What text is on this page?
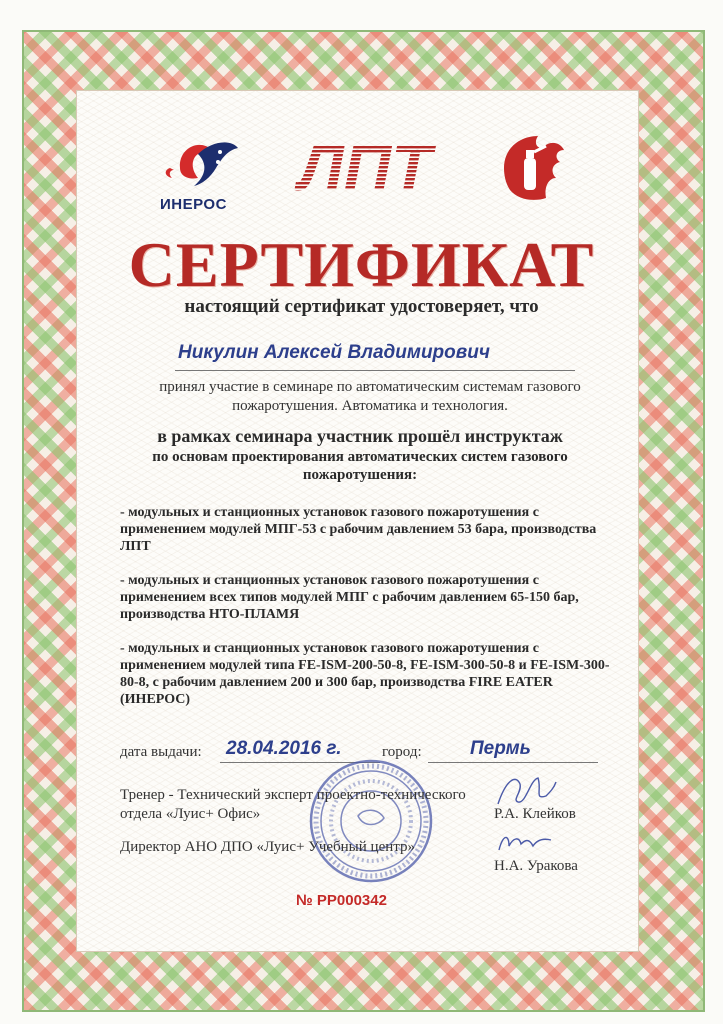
ИНЕРОС
ЛПТ
СЕРТИФИКАТ
настоящий сертификат удостоверяет, что
Никулин Алексей Владимирович
принял участие в семинаре по автоматическим системам газового пожаротушения. Автоматика и технология.
в рамках семинара участник прошёл инструктаж
по основам проектирования автоматических систем газового пожаротушения:

- модульных и станционных установок газового пожаротушения с применением модулей МПГ-53 с рабочим давлением 53 бара, производства ЛПТ

- модульных и станционных установок газового пожаротушения с применением всех типов модулей МПГ с рабочим давлением 65-150 бар, производства НТО-ПЛАМЯ

- модульных и станционных установок газового пожаротушения с применением модулей типа FE-ISM-200-50-8, FE-ISM-300-50-8 и FE-ISM-300-80-8, с рабочим давлением 200 и 300 бар, производства FIRE EATER (ИНЕРОС)

дата выдачи: 28.04.2016 г.	город:	Пермь
Тренер - Технический эксперт проектно-технического отдела «Луис+ Офис»	Р.А. Клейков
Директор АНО ДПО «Луис+ Учебный центр»
Н.А. Уракова
№ РР000342
